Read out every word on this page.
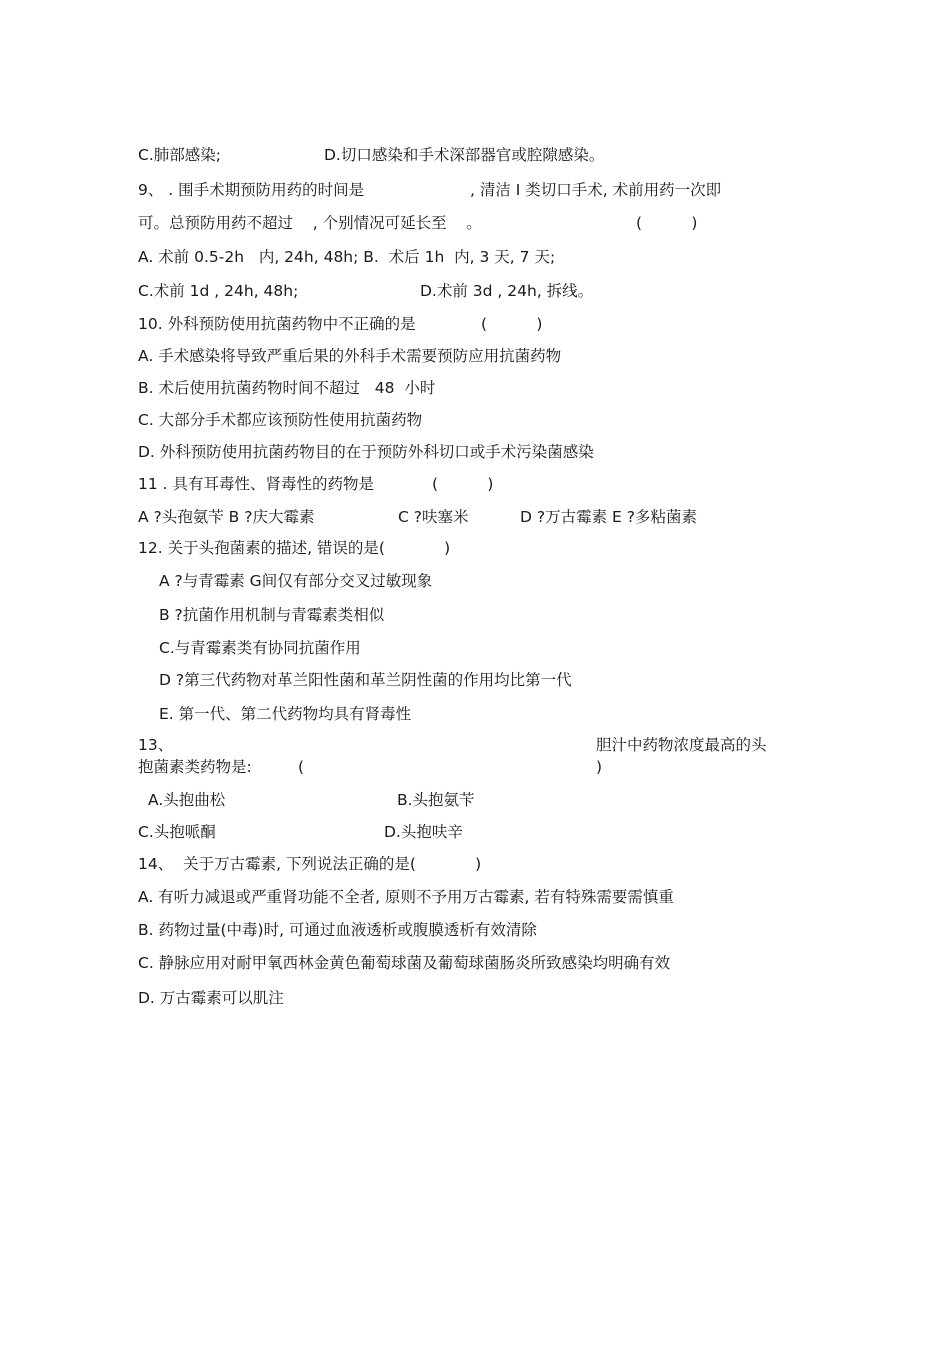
C.肺部感染;	D.切口感染和手术深部器官或腔隙感染。
9、 . 围手术期预防用药的时间是	, 清洁 Ⅰ 类切口手术, 术前用药一次即
可。总预防用药不超过    , 个别情况可延长至    。	(          )
A. 术前 0.5-2h   内, 24h, 48h; B.  术后 1h  内, 3 天, 7 天;
C.术前 1d , 24h, 48h;	D.术前 3d , 24h, 拆线。
10. 外科预防使用抗菌药物中不正确的是	(          )
A. 手术感染将导致严重后果的外科手术需要预防应用抗菌药物
B. 术后使用抗菌药物时间不超过   48  小时
C. 大部分手术都应该预防性使用抗菌药物
D. 外科预防使用抗菌药物目的在于预防外科切口或手术污染菌感染
11 . 具有耳毒性、肾毒性的药物是	(          )
A ?头孢氨苄 B ?庆大霉素	C ?呋塞米	D ?万古霉素 E ?多粘菌素
12. 关于头孢菌素的描述, 错误的是(            )
A ?与青霉素 G间仅有部分交叉过敏现象
B ?抗菌作用机制与青霉素类相似
C.与青霉素类有协同抗菌作用
D ?第三代药物对革兰阳性菌和革兰阴性菌的作用均比第一代
E. 第一代、第二代药物均具有肾毒性
13、	胆汁中药物浓度最高的头
抱菌素类药物是:	(	)
A.头抱曲松	B.头抱氨苄
C.头抱哌酮	D.头抱呋辛
14、  关于万古霉素, 下列说法正确的是(            )
A. 有听力减退或严重肾功能不全者, 原则不予用万古霉素, 若有特殊需要需慎重
B. 药物过量(中毒)时, 可通过血液透析或腹膜透析有效清除
C. 静脉应用对耐甲氧西林金黄色葡萄球菌及葡萄球菌肠炎所致感染均明确有效
D. 万古霉素可以肌注
